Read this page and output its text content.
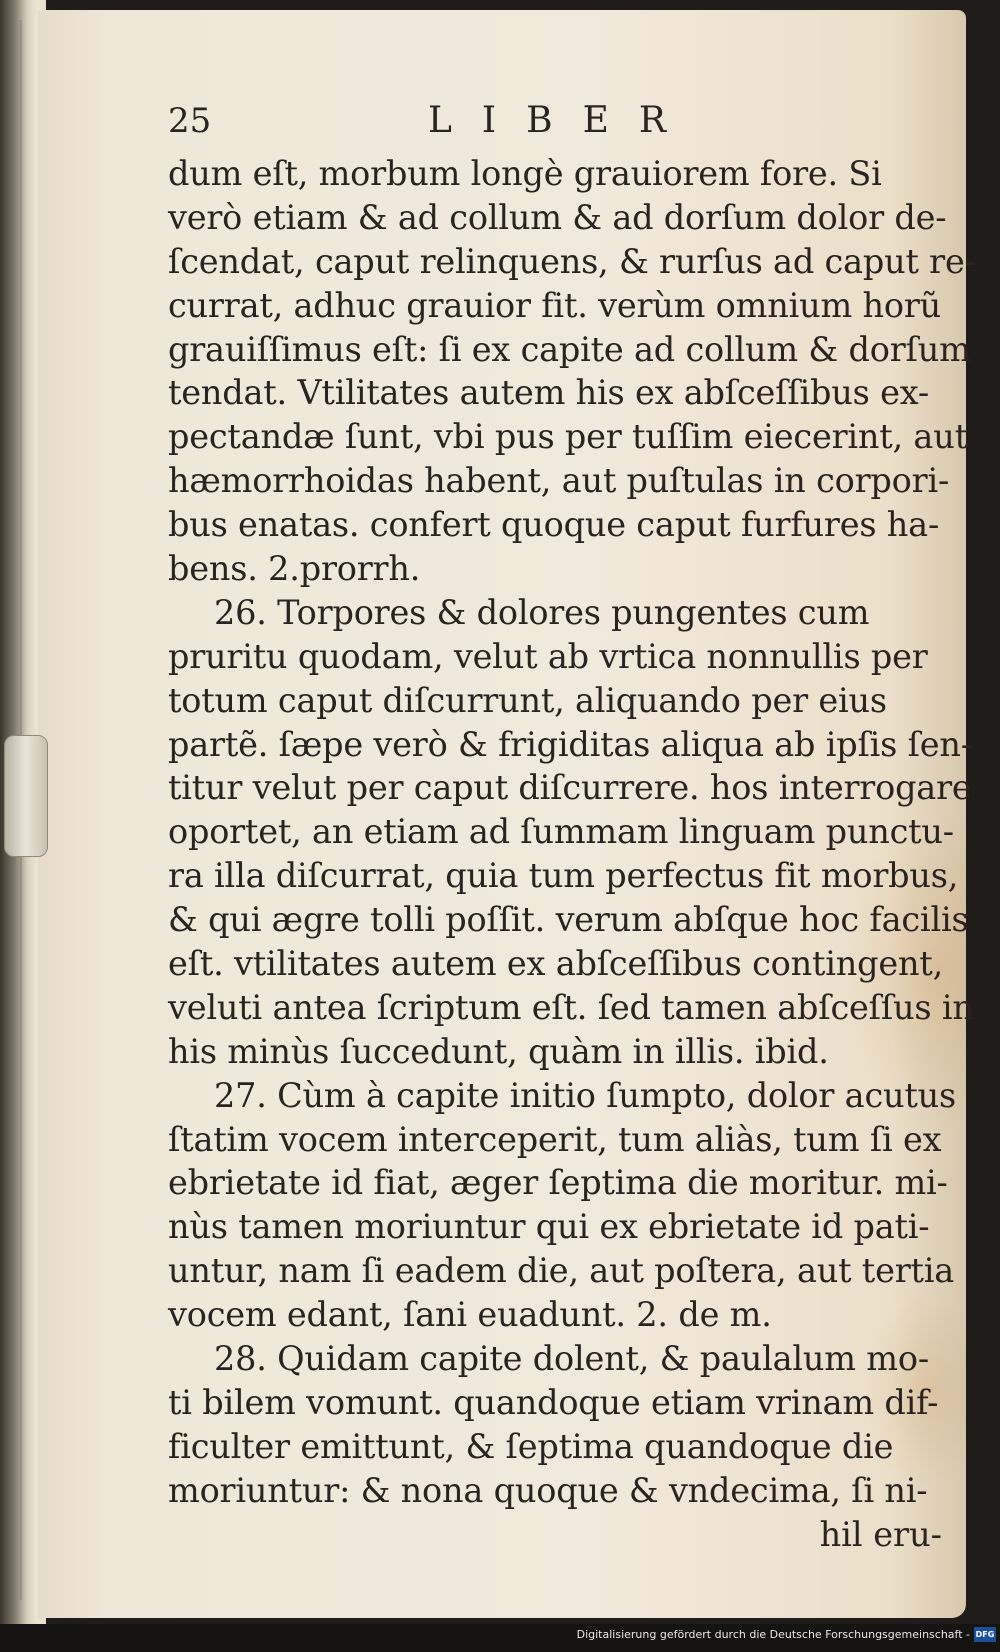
25	LIBER
dum eſt, morbum longè grauiorem fore. Si
verò etiam & ad collum & ad dorſum dolor de-
ſcendat, caput relinquens, & rurſus ad caput re-
currat, adhuc grauior fit. verùm omnium horũ
grauiſſimus eſt: ſi ex capite ad collum & dorſum
tendat. Vtilitates autem his ex abſceſſibus ex-
pectandæ ſunt, vbi pus per tuſſim eiecerint, aut
hæmorrhoidas habent, aut puſtulas in corpori-
bus enatas. confert quoque caput furfures ha-
bens. 2.prorrh.
26. Torpores & dolores pungentes cum
pruritu quodam, velut ab vrtica nonnullis per
totum caput diſcurrunt, aliquando per eius
partẽ. ſæpe verò & frigiditas aliqua ab ipſis ſen-
titur velut per caput diſcurrere. hos interrogare
oportet, an etiam ad ſummam linguam punctu-
ra illa diſcurrat, quia tum perfectus fit morbus,
& qui ægre tolli poſſit. verum abſque hoc facilis
eſt. vtilitates autem ex abſceſſibus contingent,
veluti antea ſcriptum eſt. ſed tamen abſceſſus in
his minùs ſuccedunt, quàm in illis. ibid.
27. Cùm à capite initio ſumpto, dolor acutus
ſtatim vocem interceperit, tum aliàs, tum ſi ex
ebrietate id fiat, æger ſeptima die moritur. mi-
nùs tamen moriuntur qui ex ebrietate id pati-
untur, nam ſi eadem die, aut poſtera, aut tertia
vocem edant, ſani euadunt. 2. de m.
28. Quidam capite dolent, & paulalum mo-
ti bilem vomunt. quandoque etiam vrinam dif-
ficulter emittunt, & ſeptima quandoque die
moriuntur: & nona quoque & vndecima, ſi ni-
hil eru-
Digitalisierung gefördert durch die Deutsche Forschungsgemeinschaft - DFG
